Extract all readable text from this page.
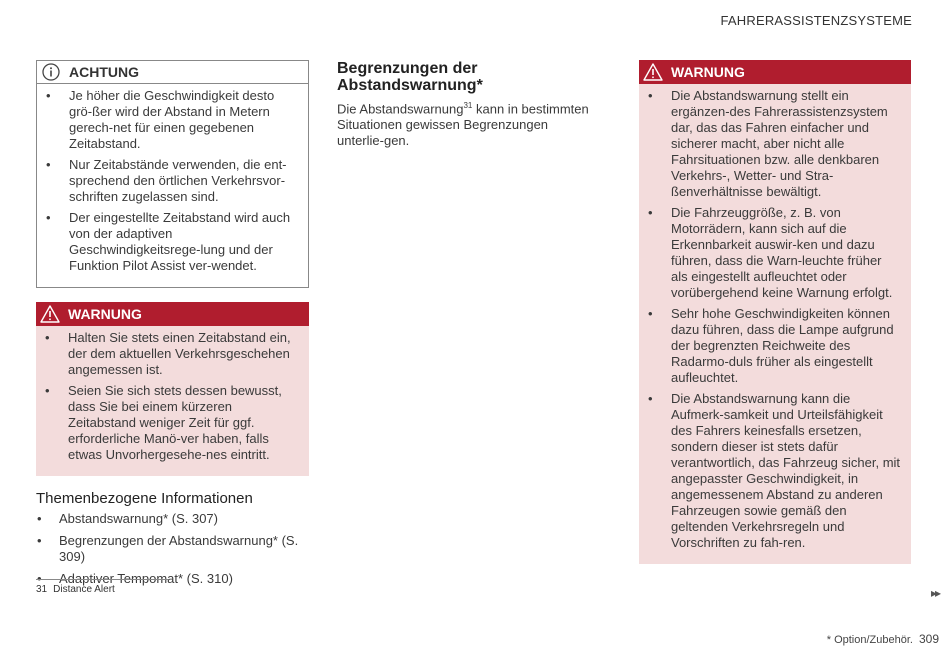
FAHRERASSISTENZSYSTEME
ACHTUNG
• Je höher die Geschwindigkeit desto grö-ßer wird der Abstand in Metern gerech-net für einen gegebenen Zeitabstand.
• Nur Zeitabstände verwenden, die ent-sprechend den örtlichen Verkehrsvor-schriften zugelassen sind.
• Der eingestellte Zeitabstand wird auch von der adaptiven Geschwindigkeitsrege-lung und der Funktion Pilot Assist ver-wendet.
WARNUNG
• Halten Sie stets einen Zeitabstand ein, der dem aktuellen Verkehrsgeschehen angemessen ist.
• Seien Sie sich stets dessen bewusst, dass Sie bei einem kürzeren Zeitabstand weniger Zeit für ggf. erforderliche Manö-ver haben, falls etwas Unvorhergesehe-nes eintritt.
Themenbezogene Informationen
• Abstandswarnung* (S. 307)
• Begrenzungen der Abstandswarnung* (S. 309)
• Adaptiver Tempomat* (S. 310)
Begrenzungen der
Abstandswarnung*

Die Abstandswarnung$^{31}$ kann in bestimmten Situationen gewissen Begrenzungen unterlie-gen.

WARNUNG
• Die Abstandswarnung stellt ein ergänzen-des Fahrerassistenzsystem dar, das das Fahren einfacher und sicherer macht, aber nicht alle Fahrsituationen bzw. alle denkbaren Verkehrs-, Wetter- und Stra-ßenverhältnisse bewältigt.
• Die Fahrzeuggröße, z. B. von Motorrädern, kann sich auf die Erkennbarkeit auswir-ken und dazu führen, dass die Warn-leuchte früher als eingestellt aufleuchtet oder vorübergehend keine Warnung erfolgt.
• Sehr hohe Geschwindigkeiten können dazu führen, dass die Lampe aufgrund der begrenzten Reichweite des Radarmo-duls früher als eingestellt aufleuchtet.
• Die Abstandswarnung kann die Aufmerk-samkeit und Urteilsfähigkeit des Fahrers keinesfalls ersetzen, sondern dieser ist stets dafür verantwortlich, das Fahrzeug sicher, mit angepasster Geschwindigkeit, in angemessenem Abstand zu anderen Fahrzeugen sowie gemäß den geltenden Verkehrsregeln und Vorschriften zu fah-ren.
31 Distance Alert	▸▸
* Option/Zubehör. 309
